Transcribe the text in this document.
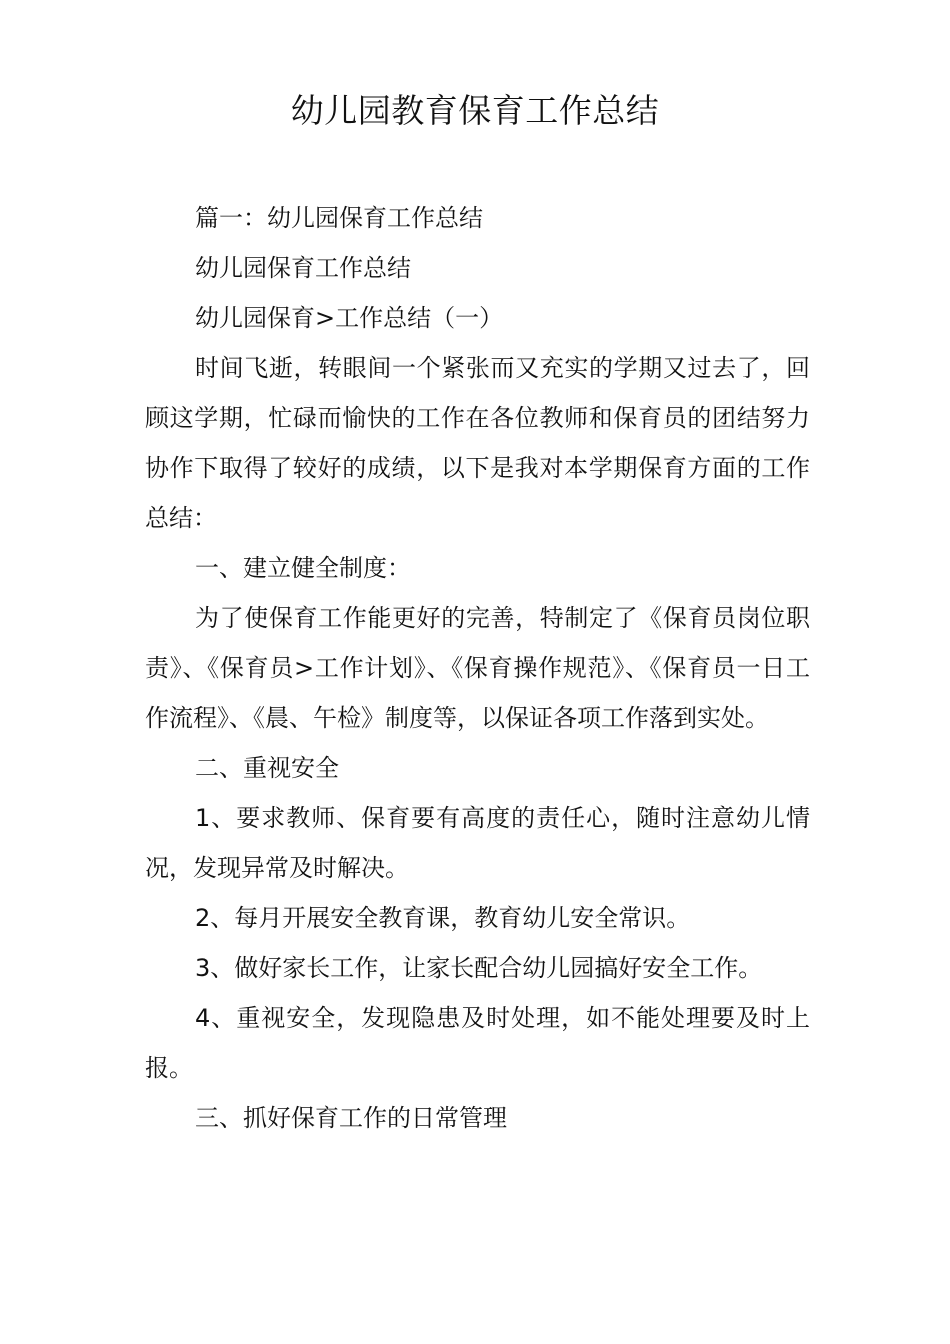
幼儿园教育保育工作总结

篇一：幼儿园保育工作总结

幼儿园保育工作总结

幼儿园保育>工作总结（一）

时间飞逝，转眼间一个紧张而又充实的学期又过去了，回顾这学期，忙碌而愉快的工作在各位教师和保育员的团结努力协作下取得了较好的成绩，以下是我对本学期保育方面的工作总结：

一、建立健全制度：

为了使保育工作能更好的完善，特制定了《保育员岗位职责》、《保育员>工作计划》、《保育操作规范》、《保育员一日工作流程》、《晨、午检》制度等，以保证各项工作落到实处。

二、重视安全

1、要求教师、保育要有高度的责任心，随时注意幼儿情况，发现异常及时解决。

2、每月开展安全教育课，教育幼儿安全常识。

3、做好家长工作，让家长配合幼儿园搞好安全工作。

4、重视安全，发现隐患及时处理，如不能处理要及时上报。

三、抓好保育工作的日常管理
